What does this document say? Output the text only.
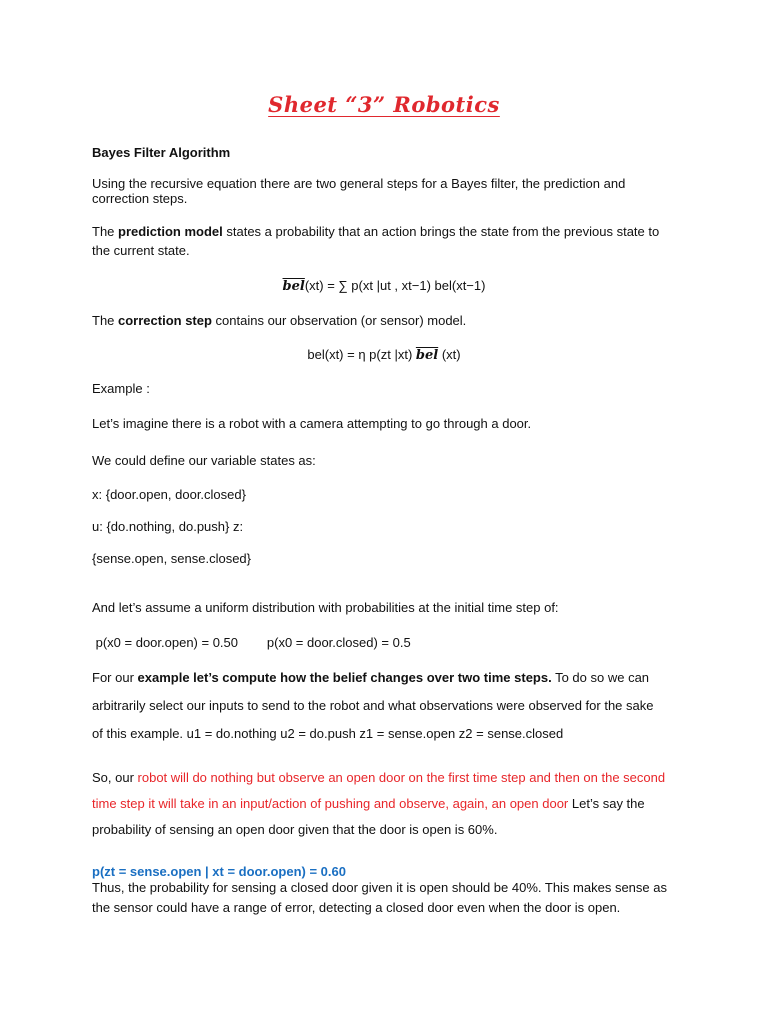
Sheet “3” Robotics
Bayes Filter Algorithm
Using the recursive equation there are two general steps for a Bayes filter, the prediction and
correction steps.
The prediction model states a probability that an action brings the state from the previous state to
the current state.
$\overline{bel}(xt)$ = ∑ p(xt |ut , xt−1) bel(xt−1)
The correction step contains our observation (or sensor) model.
bel(xt) = η p(zt |xt) $\overline{bel}$ (xt)
Example :
Let’s imagine there is a robot with a camera attempting to go through a door.
We could define our variable states as:
x: {door.open, door.closed}
u: {do.nothing, do.push} z:
{sense.open, sense.closed}
And let’s assume a uniform distribution with probabilities at the initial time step of:
p(x0 = door.open) = 0.50        p(x0 = door.closed) = 0.5
For our example let’s compute how the belief changes over two time steps. To do so we can
arbitrarily select our inputs to send to the robot and what observations were observed for the sake
of this example. u1 = do.nothing u2 = do.push z1 = sense.open z2 = sense.closed
So, our robot will do nothing but observe an open door on the first time step and then on the second
time step it will take in an input/action of pushing and observe, again, an open door Let’s say the
probability of sensing an open door given that the door is open is 60%.
p(zt = sense.open | xt = door.open) = 0.60
Thus, the probability for sensing a closed door given it is open should be 40%. This makes sense as
the sensor could have a range of error, detecting a closed door even when the door is open.
